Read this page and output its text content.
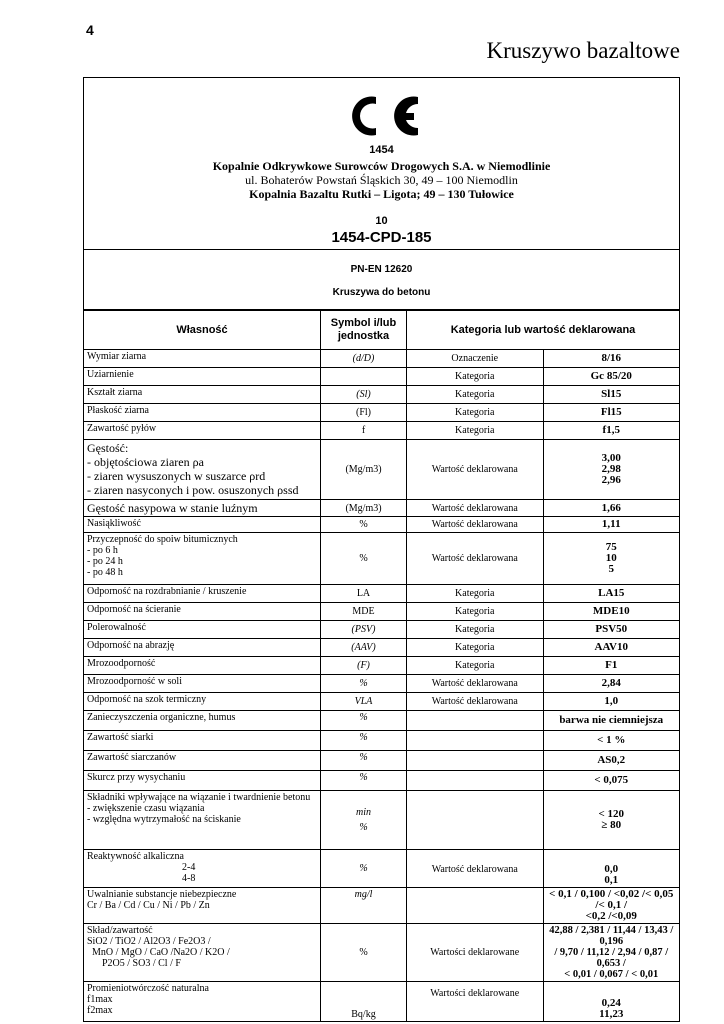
4
Kruszywo bazaltowe
1454
Kopalnie Odkrywkowe Surowców Drogowych S.A. w Niemodlinie
ul. Bohaterów Powstań Śląskich 30, 49 – 100 Niemodlin
Kopalnia Bazaltu Rutki – Ligota; 49 – 130 Tułowice
10
1454-CPD-185
PN-EN 12620
Kruszywa do betonu
Własność	Symbol i/lub
jednostka	Kategoria lub wartość deklarowana	
Wymiar ziarna	(d/D)	Oznaczenie	8/16
Uziarnienie		Kategoria	Gc 85/20
Kształt ziarna	(Sl)	Kategoria	Sl15
Płaskość ziarna	(Fl)	Kategoria	Fl15
Zawartość pyłów	f	Kategoria	f1,5

Gęstość:
- objętościowa ziaren ρa
- ziaren wysuszonych w suszarce ρrd
- ziaren nasyconych i pow. osuszonych ρssd	(Mg/m3)	Wartość deklarowana	3,00
2,98
2,96

Gęstość nasypowa w stanie luźnym	(Mg/m3)	Wartość deklarowana	1,66
Nasiąkliwość	%	Wartość deklarowana	1,11

Przyczepność do spoiw bitumicznych
- po 6 h
- po 24 h
- po 48 h	%	Wartość deklarowana	75
10
5

Odporność na rozdrabnianie / kruszenie	LA	Kategoria	LA15
Odporność na ścieranie	MDE	Kategoria	MDE10
Polerowalność	(PSV)	Kategoria	PSV50
Odporność na abrazję	(AAV)	Kategoria	AAV10
Mrozoodporność	(F)	Kategoria	F1
Mrozoodporność w soli	%	Wartość deklarowana	2,84
Odporność na szok termiczny	VLA	Wartość deklarowana	1,0
Zanieczyszczenia organiczne, humus	%		barwa nie ciemniejsza
Zawartość siarki	%		< 1 %
Zawartość siarczanów	%		AS0,2
Skurcz przy wysychaniu	%		< 0,075

Składniki wpływające na wiązanie i twardnienie betonu
- zwiększenie czasu wiązania
- względna wytrzymałość na ściskanie	min
%		< 120
≥ 80

Reaktywność alkaliczna
2-4
4-8	%	Wartość deklarowana	0,0
0,1

Uwalnianie substancje niebezpieczne
Cr / Ba / Cd / Cu / Ni / Pb / Zn	mg/l		< 0,1 / 0,100 / <0,02 /< 0,05 /< 0,1 /
<0,2 /<0,09

Skład/zawartość
SiO2 / TiO2 / Al2O3 / Fe2O3 /
MnO / MgO / CaO /Na2O / K2O /
P2O5 / SO3 / Cl / F	%	Wartości deklarowane	42,88 / 2,381 / 11,44 / 13,43 / 0,196
/ 9,70 / 11,12 / 2,94 / 0,87 / 0,653 /
< 0,01 / 0,067 / < 0,01

Promieniotwórczość naturalna
f1max
f2max	Bq/kg	Wartości deklarowane	0,24
11,23
